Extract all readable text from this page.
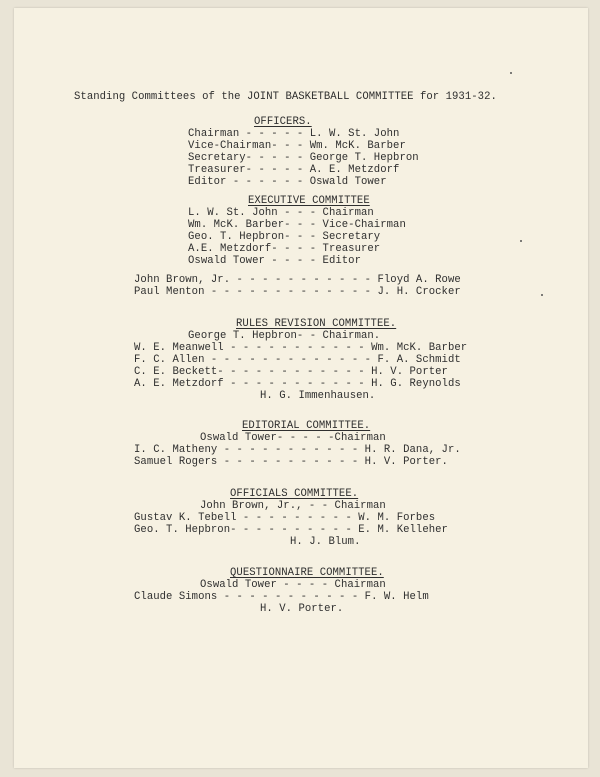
Standing Committees of the JOINT BASKETBALL COMMITTEE for 1931-32.
OFFICERS.
Chairman - - - - - L. W. St. John
Vice-Chairman- - - Wm. McK. Barber
Secretary- - - - - George T. Hepbron
Treasurer- - - - - A. E. Metzdorf
Editor - - - - - - Oswald Tower
EXECUTIVE COMMITTEE
L. W. St. John - - - Chairman
Wm. McK. Barber- - - Vice-Chairman
Geo. T. Hepbron- - - Secretary
A.E. Metzdorf- - - - Treasurer
Oswald Tower - - - - Editor
John Brown, Jr. - - - - - - - - - - - Floyd A. Rowe
Paul Menton - - - - - - - - - - - - - J. H. Crocker
RULES REVISION COMMITTEE.
George T. Hepbron- - Chairman.
W. E. Meanwell - - - - - - - - - - - Wm. McK. Barber
F. C. Allen - - - - - - - - - - - - - F. A. Schmidt
C. E. Beckett- - - - - - - - - - - - H. V. Porter
A. E. Metzdorf - - - - - - - - - - - H. G. Reynolds
H. G. Immenhausen.
EDITORIAL COMMITTEE.
Oswald Tower- - - - -Chairman
I. C. Matheny - - - - - - - - - - - H. R. Dana, Jr.
Samuel Rogers - - - - - - - - - - - H. V. Porter.
OFFICIALS COMMITTEE.
John Brown, Jr., - - Chairman
Gustav K. Tebell - - - - - - - - - W. M. Forbes
Geo. T. Hepbron- - - - - - - - - - E. M. Kelleher
H. J. Blum.
QUESTIONNAIRE COMMITTEE.
Oswald Tower - - - - Chairman
Claude Simons - - - - - - - - - - - F. W. Helm
H. V. Porter.
